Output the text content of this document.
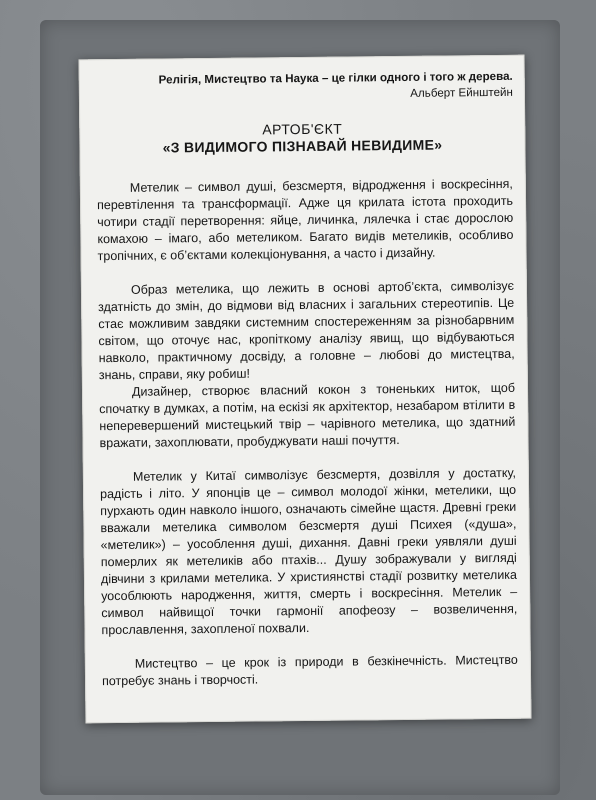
Релігія, Мистецтво та Наука – це гілки одного і того ж дерева.
Альберт Ейнштейн
АРТОБ'ЄКТ
«З ВИДИМОГО ПІЗНАВАЙ НЕВИДИМЕ»

Метелик – символ душі, безсмертя, відродження і воскресіння, перевтілення та трансформації. Адже ця крилата істота проходить чотири стадії перетворення: яйце, личинка, лялечка і стає дорослою комахою – імаго, або метеликом. Багато видів метеликів, особливо тропічних, є об’єктами колекціонування, а часто і дизайну.

Образ метелика, що лежить в основі артоб’єкта, символізує здатність до змін, до відмови від власних і загальних стереотипів. Це стає можливим завдяки системним спостереженням за різнобарвним світом, що оточує нас, кропіткому аналізу явищ, що відбуваються навколо, практичному досвіду, а головне – любові до мистецтва, знань, справи, яку робиш!

Дизайнер, створює власний кокон з тоненьких ниток, щоб спочатку в думках, а потім, на ескізі як архітектор, незабаром втілити в неперевершений мистецький твір – чарівного метелика, що здатний вражати, захоплювати, пробуджувати наші почуття.

Метелик у Китаї символізує безсмертя, дозвілля у достатку, радість і літо. У японців це – символ молодої жінки, метелики, що пурхають один навколо іншого, означають сімейне щастя. Древні греки вважали метелика символом безсмертя душі Психея («душа», «метелик») – уособлення душі, дихання. Давні греки уявляли душі померлих як метеликів або птахів... Душу зображували у вигляді дівчини з крилами метелика. У християнстві стадії розвитку метелика уособлюють народження, життя, смерть і воскресіння. Метелик – символ найвищої точки гармонії апофеозу – возвеличення, прославлення, захопленої похвали.

Мистецтво – це крок із природи в безкінечність. Мистецтво потребує знань і творчості.
